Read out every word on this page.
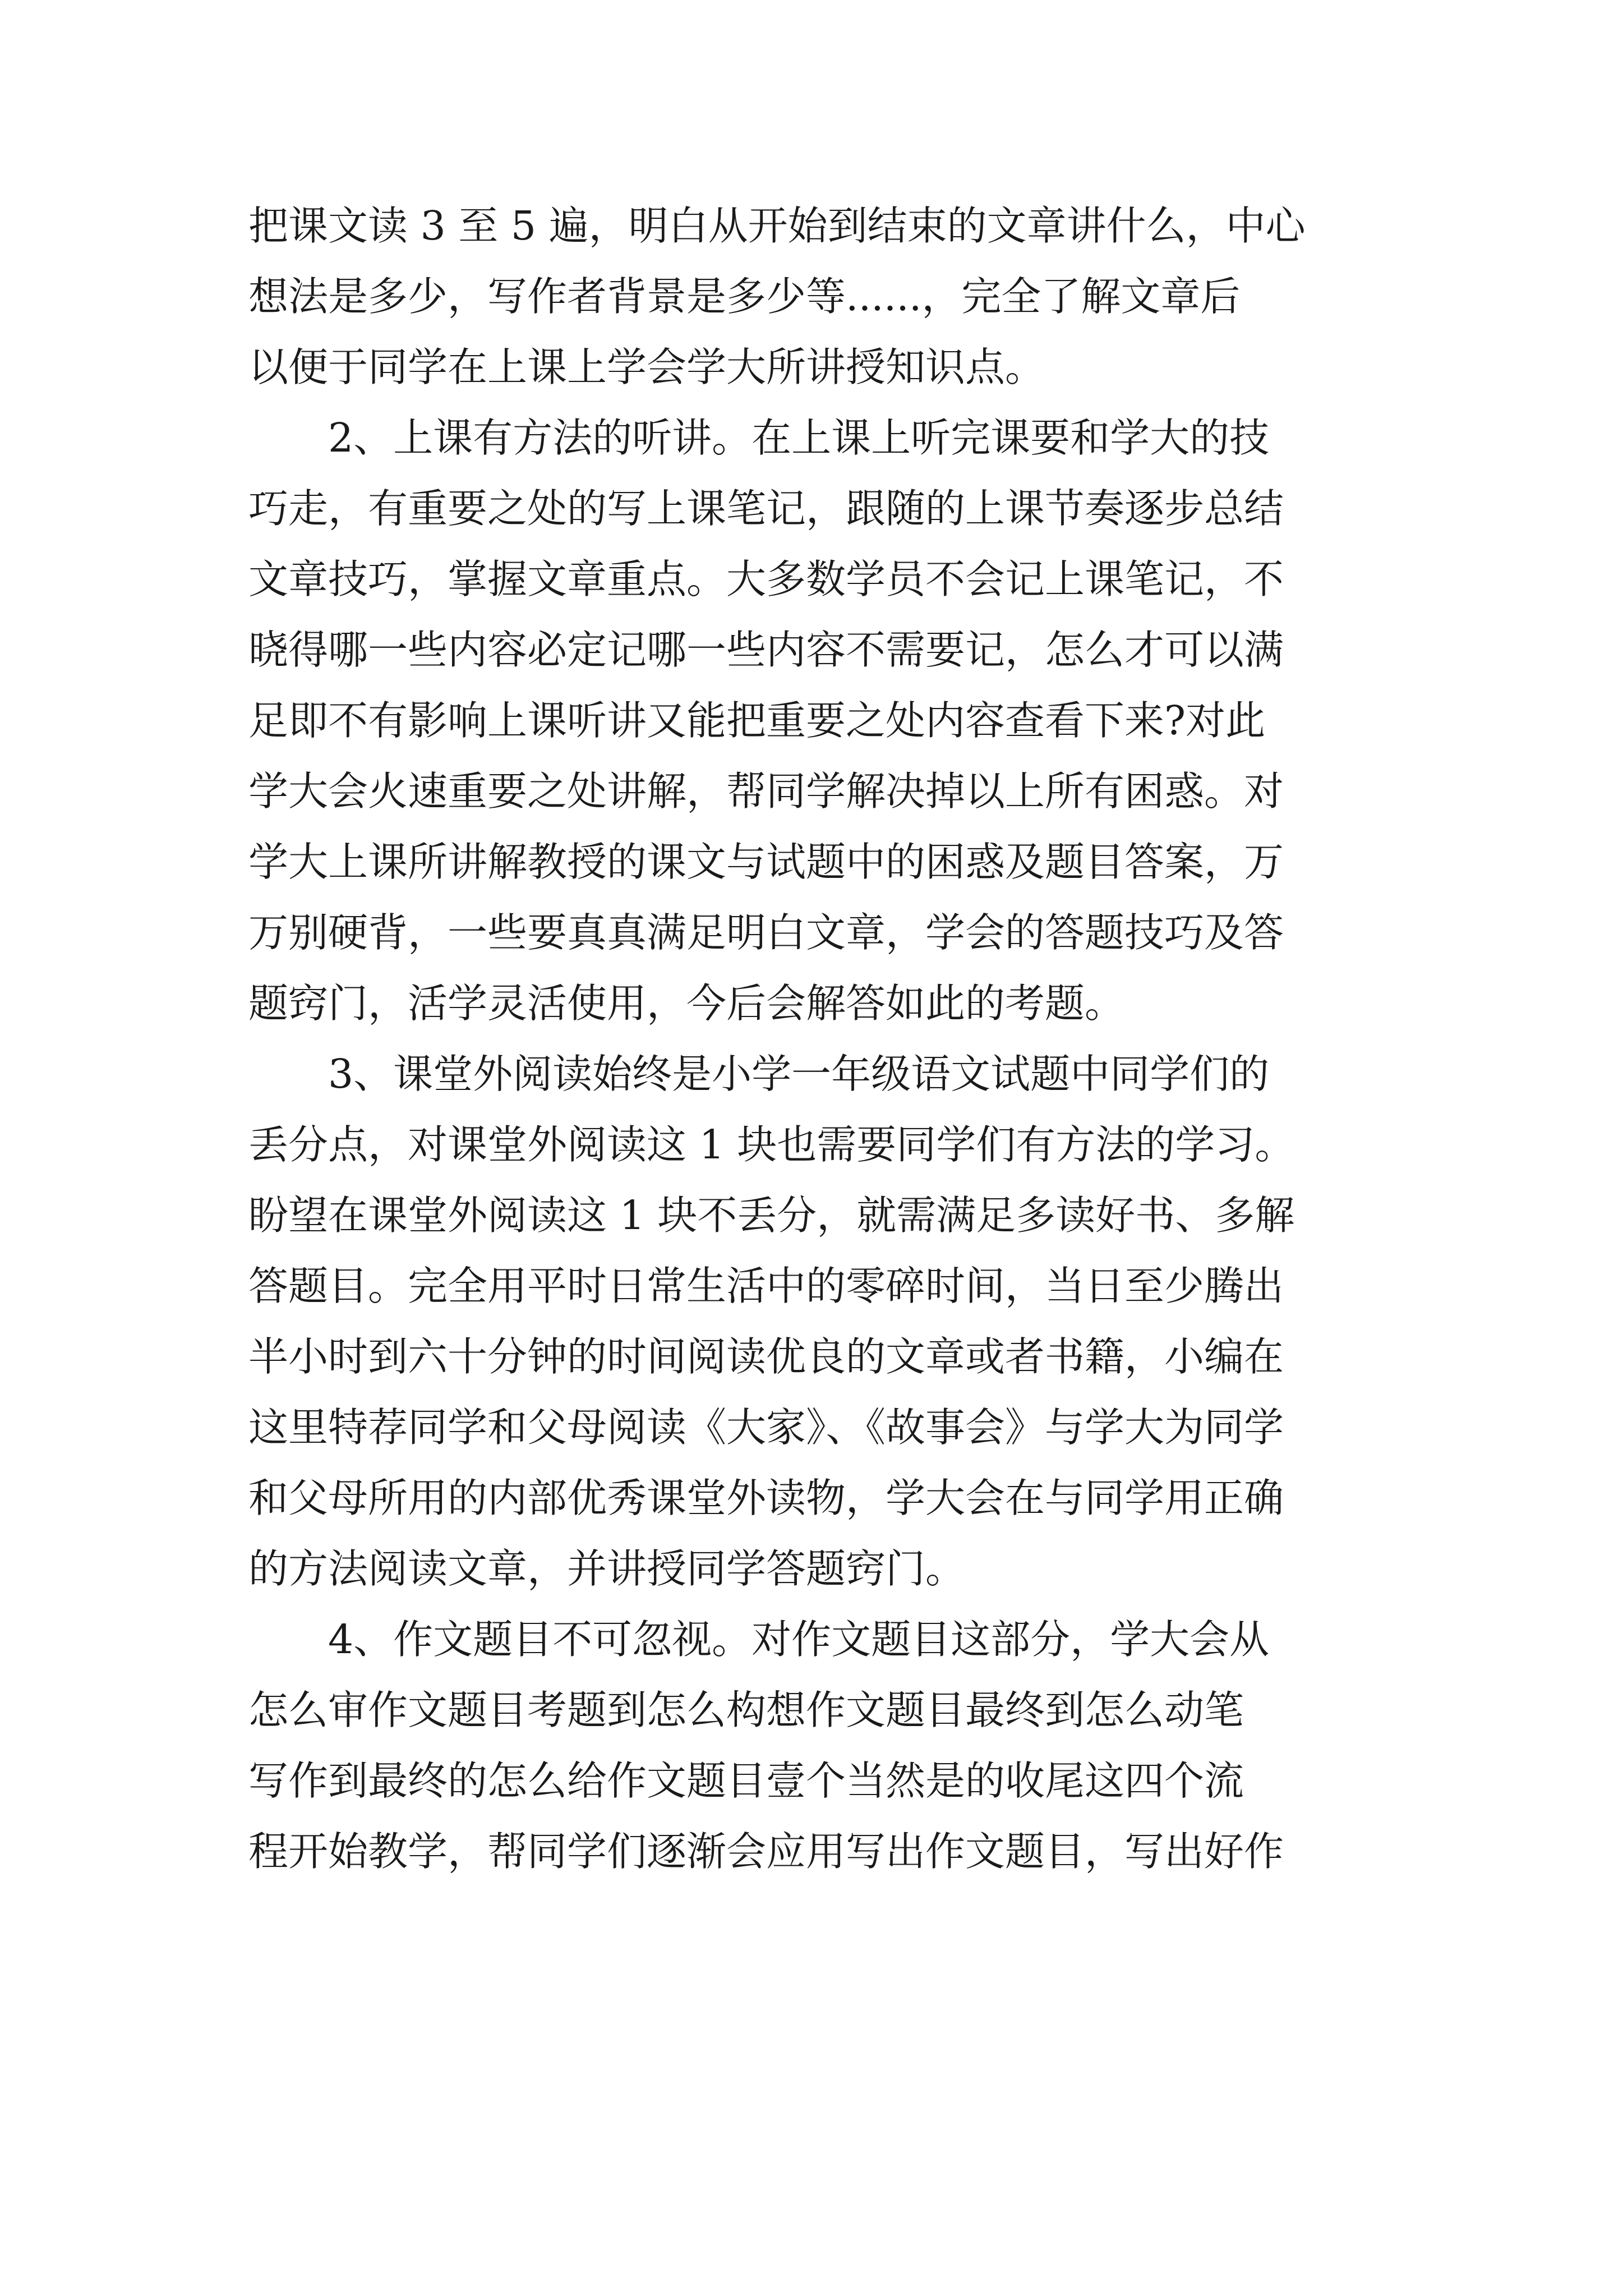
把课文读 3 至 5 遍，明白从开始到结束的文章讲什么，中心
想法是多少，写作者背景是多少等......，完全了解文章后
以便于同学在上课上学会学大所讲授知识点。
2、上课有方法的听讲。在上课上听完课要和学大的技
巧走，有重要之处的写上课笔记，跟随的上课节奏逐步总结
文章技巧，掌握文章重点。大多数学员不会记上课笔记，不
晓得哪一些内容必定记哪一些内容不需要记，怎么才可以满
足即不有影响上课听讲又能把重要之处内容查看下来?对此
学大会火速重要之处讲解，帮同学解决掉以上所有困惑。对
学大上课所讲解教授的课文与试题中的困惑及题目答案，万
万别硬背，一些要真真满足明白文章，学会的答题技巧及答
题窍门，活学灵活使用，今后会解答如此的考题。
3、课堂外阅读始终是小学一年级语文试题中同学们的
丢分点，对课堂外阅读这 1 块也需要同学们有方法的学习。
盼望在课堂外阅读这 1 块不丢分，就需满足多读好书、多解
答题目。完全用平时日常生活中的零碎时间，当日至少腾出
半小时到六十分钟的时间阅读优良的文章或者书籍，小编在
这里特荐同学和父母阅读《大家》、《故事会》与学大为同学
和父母所用的内部优秀课堂外读物，学大会在与同学用正确
的方法阅读文章，并讲授同学答题窍门。
4、作文题目不可忽视。对作文题目这部分，学大会从
怎么审作文题目考题到怎么构想作文题目最终到怎么动笔
写作到最终的怎么给作文题目壹个当然是的收尾这四个流
程开始教学，帮同学们逐渐会应用写出作文题目，写出好作
